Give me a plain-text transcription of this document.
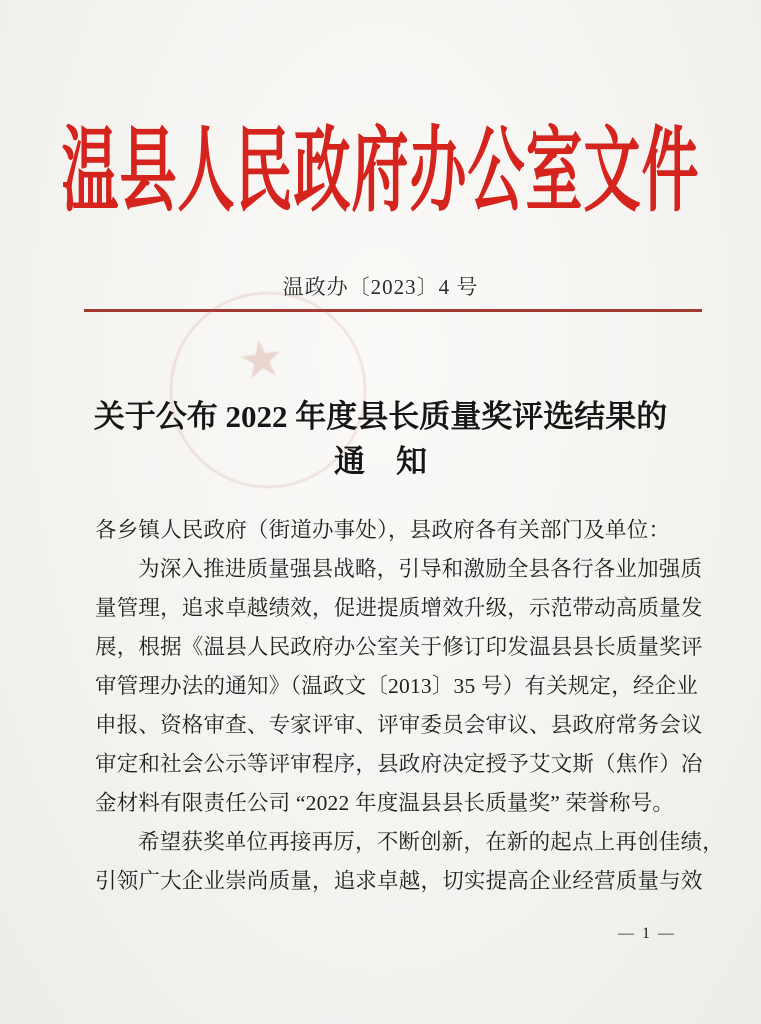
温县人民政府办公室文件
温政办〔2023〕4 号
★
关于公布 2022 年度县长质量奖评选结果的
通　知
各乡镇人民政府（街道办事处），县政府各有关部门及单位：
为深入推进质量强县战略，引导和激励全县各行各业加强质
量管理，追求卓越绩效，促进提质增效升级，示范带动高质量发
展，根据《温县人民政府办公室关于修订印发温县县长质量奖评
审管理办法的通知》（温政文〔2013〕35 号）有关规定，经企业
申报、资格审查、专家评审、评审委员会审议、县政府常务会议
审定和社会公示等评审程序，县政府决定授予艾文斯（焦作）冶
金材料有限责任公司 “2022 年度温县县长质量奖” 荣誉称号。
希望获奖单位再接再厉，不断创新，在新的起点上再创佳绩，
引领广大企业崇尚质量，追求卓越，切实提高企业经营质量与效
— 1 —
